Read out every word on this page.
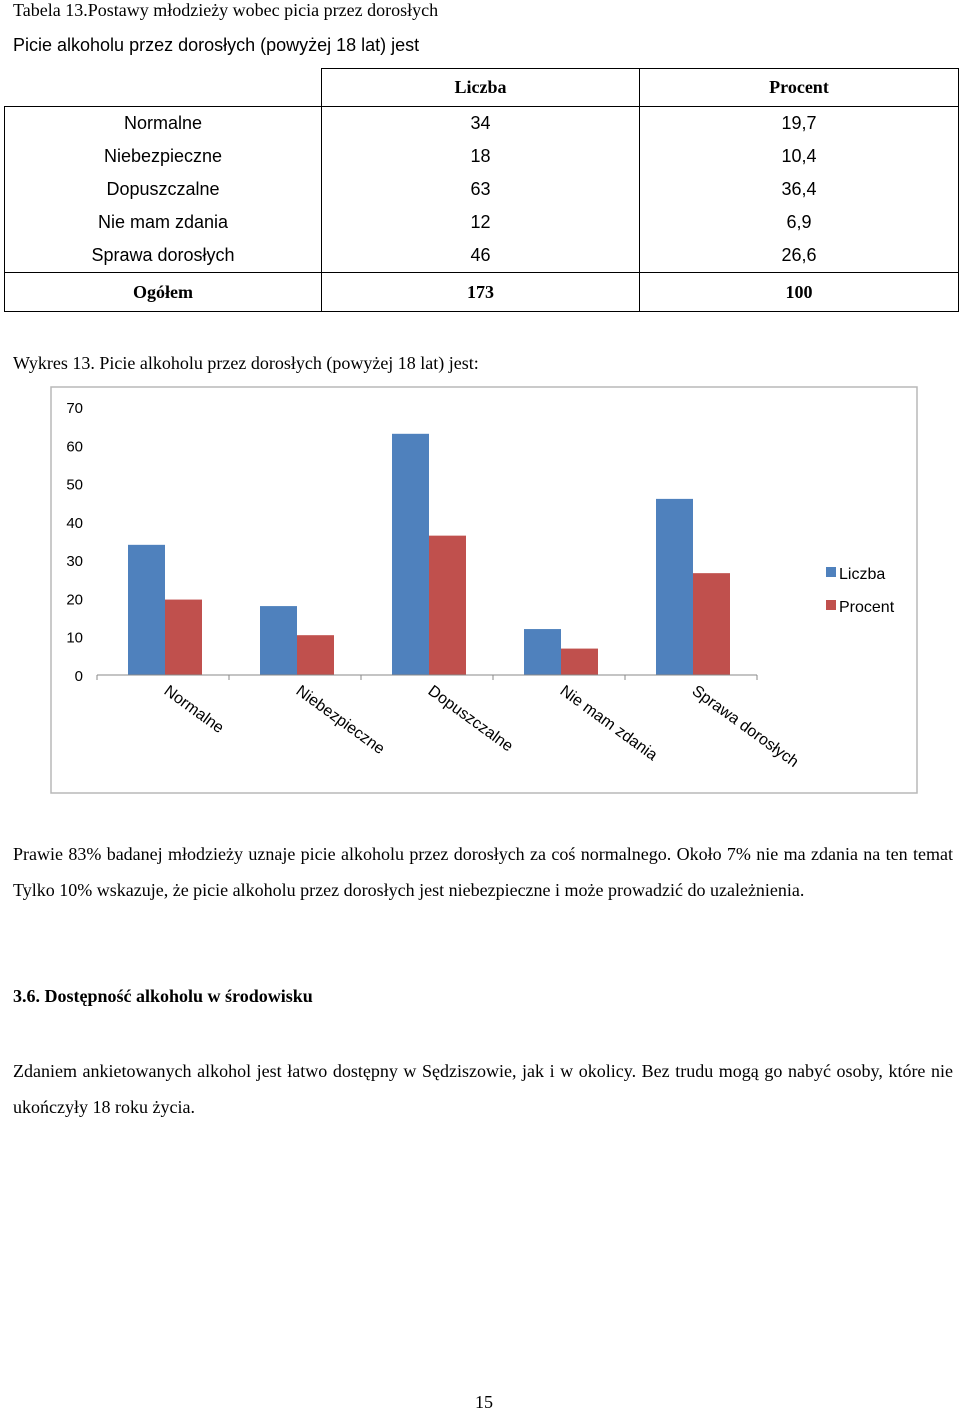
Tabela 13.Postawy młodzieży wobec picia przez dorosłych
Picie alkoholu przez dorosłych (powyżej 18 lat) jest
	Liczba	Procent
Normalne	34	19,7
Niebezpieczne	18	10,4
Dopuszczalne	63	36,4
Nie mam zdania	12	6,9
Sprawa dorosłych	46	26,6
Ogółem	173	100
Wykres 13. Picie alkoholu przez dorosłych (powyżej 18 lat) jest:
0
10
20
30
40
50
60
70
Normalne	Niebezpieczne Dopuszczalne	Nie mam zdania Sprawa dorosłych
Liczba
Procent
Prawie 83% badanej młodzieży uznaje picie alkoholu przez dorosłych za coś normalnego. Około 7% nie ma zdania na ten temat Tylko 10% wskazuje, że picie alkoholu przez dorosłych jest niebezpieczne i może prowadzić do uzależnienia.
3.6. Dostępność alkoholu w środowisku
Zdaniem ankietowanych alkohol jest łatwo dostępny w Sędziszowie, jak i w okolicy. Bez trudu mogą go nabyć osoby, które nie ukończyły 18 roku życia.
15
